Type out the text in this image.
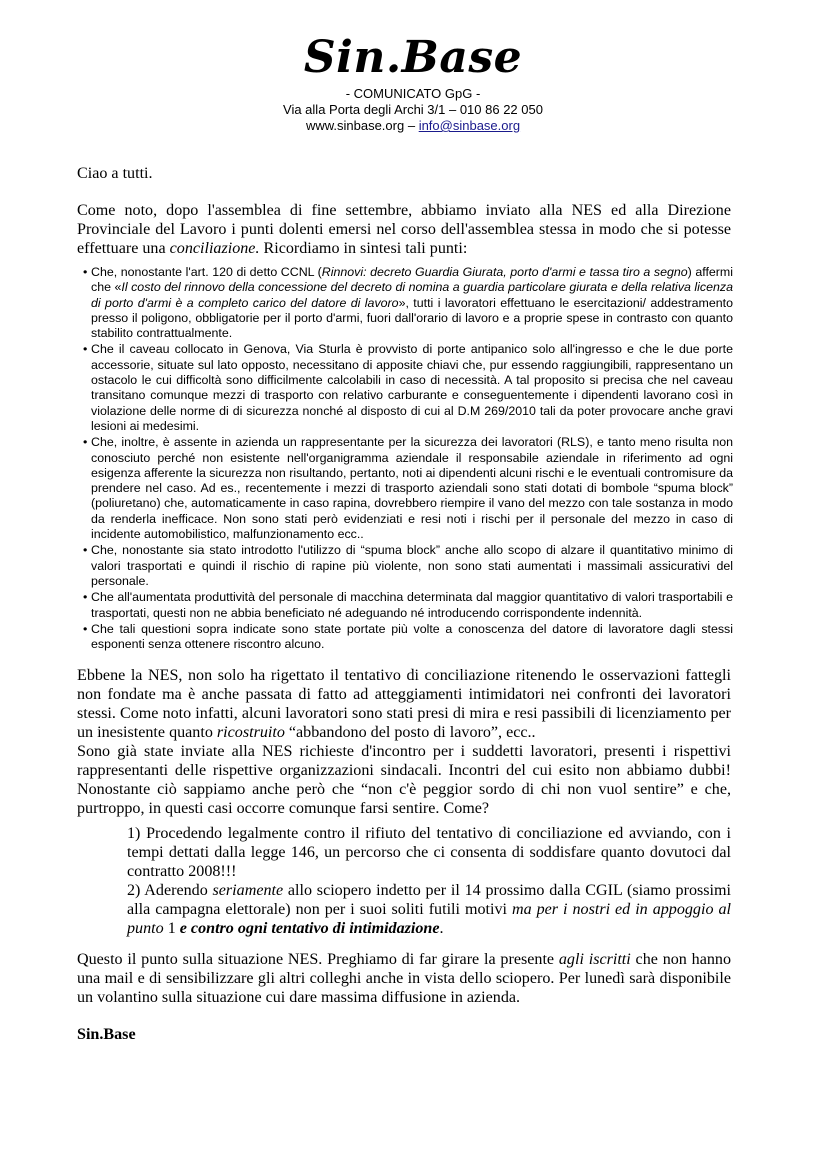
Sin.Base

- COMUNICATO GpG -

Via alla Porta degli Archi 3/1 – 010 86 22 050

www.sinbase.org – info@sinbase.org

Ciao a tutti.

Come noto, dopo l'assemblea di fine settembre, abbiamo inviato alla NES ed alla Direzione Provinciale del Lavoro i punti dolenti emersi nel corso dell'assemblea stessa in modo che si potesse effettuare una conciliazione. Ricordiamo in sintesi tali punti:

• Che, nonostante l'art. 120 di detto CCNL (Rinnovi: decreto Guardia Giurata, porto d'armi e tassa tiro a segno) affermi che «Il costo del rinnovo della concessione del decreto di nomina a guardia particolare giurata e della relativa licenza di porto d'armi è a completo carico del datore di lavoro», tutti i lavoratori effettuano le esercitazioni/ addestramento presso il poligono, obbligatorie per il porto d'armi, fuori dall'orario di lavoro e a proprie spese in contrasto con quanto stabilito contrattualmente.
• Che il caveau collocato in Genova, Via Sturla è provvisto di porte antipanico solo all'ingresso e che le due porte accessorie, situate sul lato opposto, necessitano di apposite chiavi che, pur essendo raggiungibili, rappresentano un ostacolo le cui difficoltà sono difficilmente calcolabili in caso di necessità. A tal proposito si precisa che nel caveau transitano comunque mezzi di trasporto con relativo carburante e conseguentemente i dipendenti lavorano così in violazione delle norme di di sicurezza nonché al disposto di cui al D.M 269/2010 tali da poter provocare anche gravi lesioni ai medesimi.
• Che, inoltre, è assente in azienda un rappresentante per la sicurezza dei lavoratori (RLS), e tanto meno risulta non conosciuto perché non esistente nell'organigramma aziendale il responsabile aziendale in riferimento ad ogni esigenza afferente la sicurezza non risultando, pertanto, noti ai dipendenti alcuni rischi e le eventuali contromisure da prendere nel caso. Ad es., recentemente i mezzi di trasporto aziendali sono stati dotati di bombole “spuma block” (poliuretano) che, automaticamente in caso rapina, dovrebbero riempire il vano del mezzo con tale sostanza in modo da renderla inefficace. Non sono stati però evidenziati e resi noti i rischi per il personale del mezzo in caso di incidente automobilistico, malfunzionamento ecc..
• Che, nonostante sia stato introdotto l'utilizzo di “spuma block” anche allo scopo di alzare il quantitativo minimo di valori trasportati e quindi il rischio di rapine più violente, non sono stati aumentati i massimali assicurativi del personale.
• Che all'aumentata produttività del personale di macchina determinata dal maggior quantitativo di valori trasportabili e trasportati, questi non ne abbia beneficiato né adeguando né introducendo corrispondente indennità.
• Che tali questioni sopra indicate sono state portate più volte a conoscenza del datore di lavoratore dagli stessi esponenti senza ottenere riscontro alcuno.

Ebbene la NES, non solo ha rigettato il tentativo di conciliazione ritenendo le osservazioni fattegli non fondate ma è anche passata di fatto ad atteggiamenti intimidatori nei confronti dei lavoratori stessi. Come noto infatti, alcuni lavoratori sono stati presi di mira e resi passibili di licenziamento per un inesistente quanto ricostruito “abbandono del posto di lavoro”, ecc..

Sono già state inviate alla NES richieste d'incontro per i suddetti lavoratori, presenti i rispettivi rappresentanti delle rispettive organizzazioni sindacali. Incontri del cui esito non abbiamo dubbi! Nonostante ciò sappiamo anche però che “non c'è peggior sordo di chi non vuol sentire” e che, purtroppo, in questi casi occorre comunque farsi sentire. Come?

1) Procedendo legalmente contro il rifiuto del tentativo di conciliazione ed avviando, con i tempi dettati dalla legge 146, un percorso che ci consenta di soddisfare quanto dovutoci dal contratto 2008!!!
2) Aderendo seriamente allo sciopero indetto per il 14 prossimo dalla CGIL (siamo prossimi alla campagna elettorale) non per i suoi soliti futili motivi ma per i nostri ed in appoggio al punto 1 e contro ogni tentativo di intimidazione.

Questo il punto sulla situazione NES. Preghiamo di far girare la presente agli iscritti che non hanno una mail e di sensibilizzare gli altri colleghi anche in vista dello sciopero. Per lunedì sarà disponibile un volantino sulla situazione cui dare massima diffusione in azienda.

Sin.Base
